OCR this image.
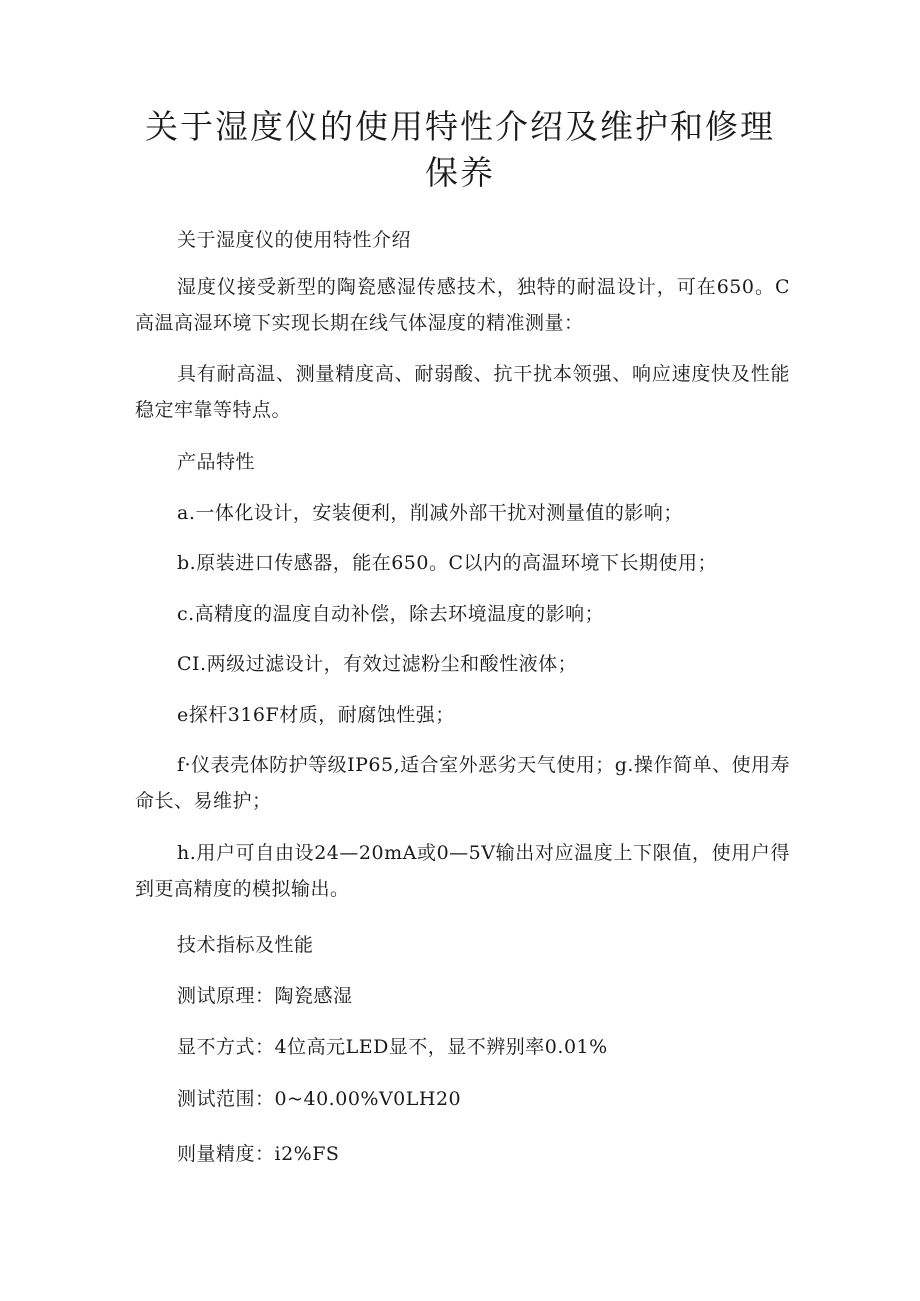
关于湿度仪的使用特性介绍及维护和修理保养

关于湿度仪的使用特性介绍

湿度仪接受新型的陶瓷感湿传感技术，独特的耐温设计，可在650。C高温高湿环境下实现长期在线气体湿度的精准测量：

具有耐高温、测量精度高、耐弱酸、抗干扰本领强、响应速度快及性能稳定牢靠等特点。

产品特性

a.一体化设计，安装便利，削减外部干扰对测量值的影响；

b.原装进口传感器，能在650。C以内的高温环境下长期使用；

c.高精度的温度自动补偿，除去环境温度的影响；

CI.两级过滤设计，有效过滤粉尘和酸性液体；

e探杆316F材质，耐腐蚀性强；

f·仪表壳体防护等级IP65,适合室外恶劣天气使用；g.操作简单、使用寿命长、易维护；

h.用户可自由设24—20mA或0—5V输出对应温度上下限值，使用户得到更高精度的模拟输出。

技术指标及性能

测试原理：陶瓷感湿

显不方式：4位高元LED显不，显不辨别率0.01%

测试范围：0~40.00%V0LH20

则量精度：i2%FS
